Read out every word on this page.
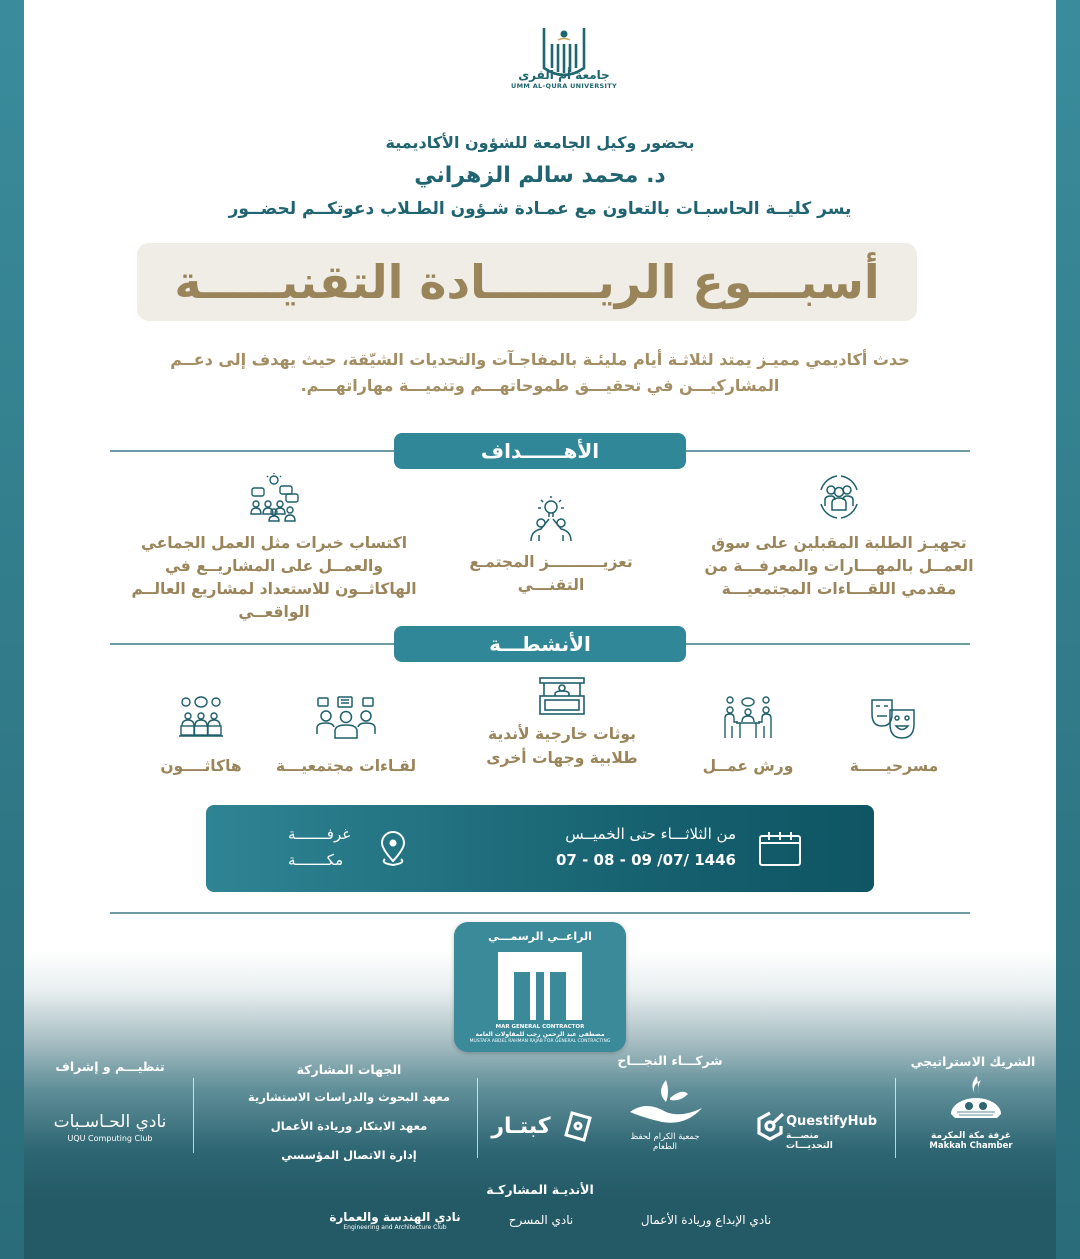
جامعة أم القرى
UMM AL-QURA UNIVERSITY
بحضور وكيل الجامعة للشؤون الأكاديمية
د. محمد سالم الزهراني
يسر كليــة الحاسبـات بالتعاون مع عمـادة شـؤون الطـلاب دعوتكــم لحضــور
أسبـــوع الريـــــــادة التقنيـــــة
حدث أكاديمي مميـز يمتد لثلاثـة أيام مليئـة بالمفاجـآت والتحديات الشيّقة، حيث يهدف إلى دعــم المشاركيـــن في تحقيـــق طموحاتهـــم وتنميـــة مهاراتهـــم.
الأهــــــداف
تجهيـز الطلبة المقبلين على سوق العمــل بالمهـــارات والمعرفـــة من مقدمي اللقـــاءات المجتمعيـــة
تعزيــــــــــز المجتمـع التقنـــي
اكتساب خبرات مثل العمل الجماعي والعمــل على المشاريــع في الهاكاثــون للاستعداد لمشاريع العالــم الواقعــي
الأنشطـــة
مسرحيـــــة
ورش عمــل
بوثات خارجية لأندية طلابية وجهات أخرى
لقـاءات مجتمعيـــة
هاكاثــــون
من الثلاثـــاء حتى الخميــس
07 - 08 - 09 /07/ 1446
غرفـــــــة
مكـــــــة
الراعــي الرسمـــي
MAR GENERAL CONTRACTOR
مصطفى عبد الرحمن رجب للمقاولات العامة
MUSTAFA ABDEL RAHMAN RAJAB FOR GENERAL CONTRACTING
الشريك الاستراتيجي
غرفة مكة المكرمة
Makkah Chamber
شركـــاء النجـــاح
QuestifyHub
منصـــة التحديـــات
جمعية الكرام لحفظ الطعام
كبتـار
الجهات المشاركة
معهد البحوث والدراسات الاستشارية
معهد الابتكار وريادة الأعمال
إدارة الاتصال المؤسسي
تنظيـــم و إشراف
نادي الحـاسـبات
UQU Computing Club
الأنديـة المشاركـة
نادي الإبداع وريادة الأعمال
نادي المسرح
نادي الهندسة والعمارة
Engineering and Architecture Club
